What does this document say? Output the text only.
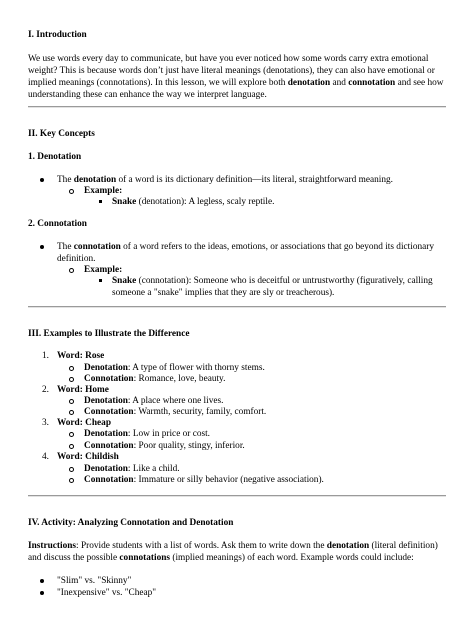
I. Introduction
We use words every day to communicate, but have you ever noticed how some words carry extra emotional
weight? This is because words don’t just have literal meanings (denotations), they can also have emotional or
implied meanings (connotations). In this lesson, we will explore both denotation and connotation and see how
understanding these can enhance the way we interpret language.
II. Key Concepts
1. Denotation
The denotation of a word is its dictionary definition—its literal, straightforward meaning.
Example:
Snake (denotation): A legless, scaly reptile.
2. Connotation
The connotation of a word refers to the ideas, emotions, or associations that go beyond its dictionary
definition.
Example:
Snake (connotation): Someone who is deceitful or untrustworthy (figuratively, calling
someone a "snake" implies that they are sly or treacherous).
III. Examples to Illustrate the Difference
1. Word: Rose
Denotation: A type of flower with thorny stems.
Connotation: Romance, love, beauty.
2. Word: Home
Denotation: A place where one lives.
Connotation: Warmth, security, family, comfort.
3. Word: Cheap
Denotation: Low in price or cost.
Connotation: Poor quality, stingy, inferior.
4. Word: Childish
Denotation: Like a child.
Connotation: Immature or silly behavior (negative association).
IV. Activity: Analyzing Connotation and Denotation
Instructions: Provide students with a list of words. Ask them to write down the denotation (literal definition)
and discuss the possible connotations (implied meanings) of each word. Example words could include:
"Slim" vs. "Skinny"
"Inexpensive" vs. "Cheap"
